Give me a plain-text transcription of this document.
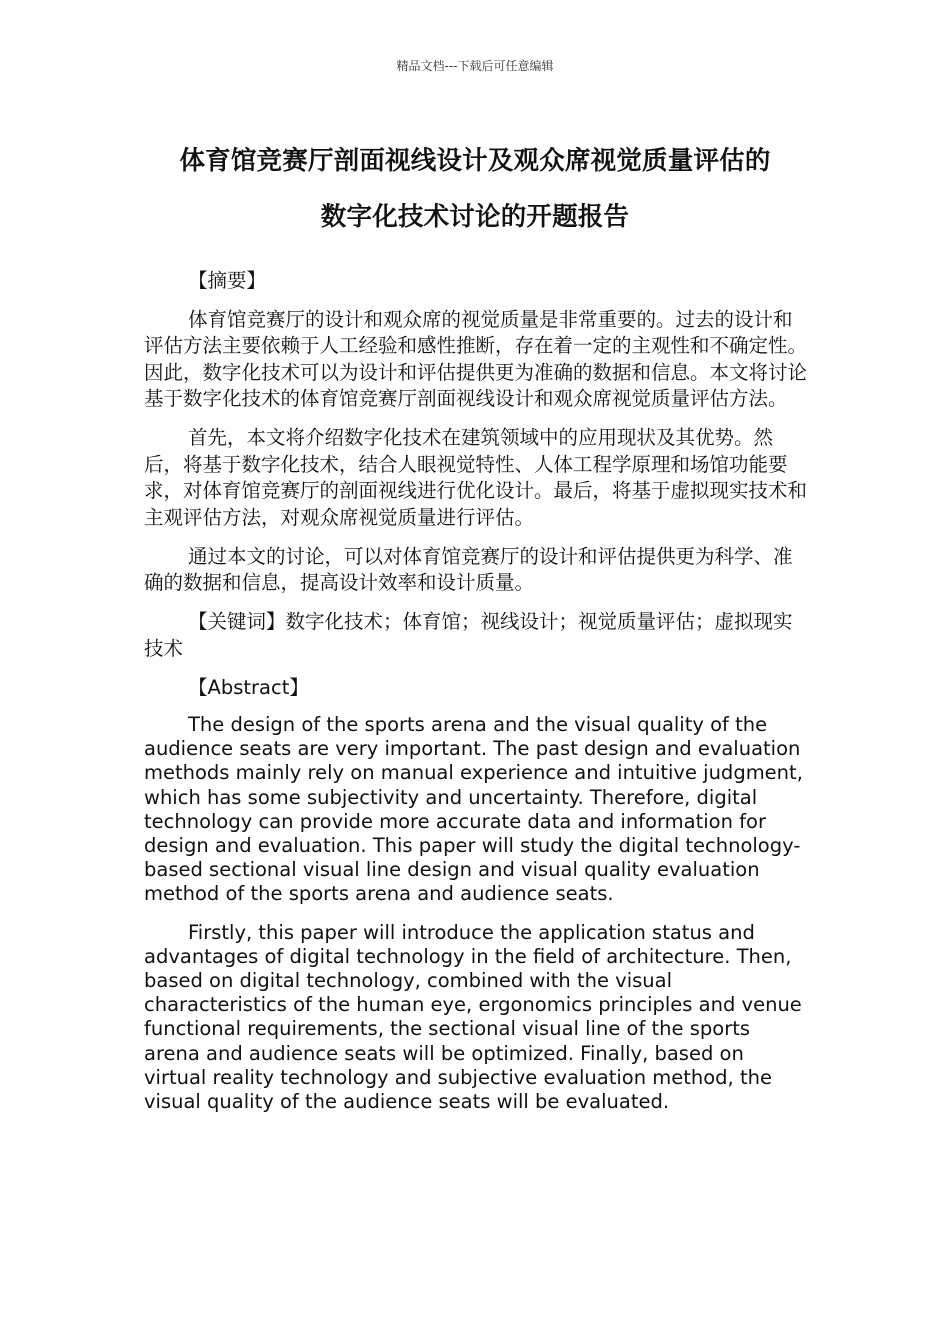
精品文档---下载后可任意编辑
体育馆竞赛厅剖面视线设计及观众席视觉质量评估的
数字化技术讨论的开题报告

【摘要】

体育馆竞赛厅的设计和观众席的视觉质量是非常重要的。过去的设计和评估方法主要依赖于人工经验和感性推断，存在着一定的主观性和不确定性。因此，数字化技术可以为设计和评估提供更为准确的数据和信息。本文将讨论基于数字化技术的体育馆竞赛厅剖面视线设计和观众席视觉质量评估方法。

首先，本文将介绍数字化技术在建筑领域中的应用现状及其优势。然后，将基于数字化技术，结合人眼视觉特性、人体工程学原理和场馆功能要求，对体育馆竞赛厅的剖面视线进行优化设计。最后，将基于虚拟现实技术和主观评估方法，对观众席视觉质量进行评估。

通过本文的讨论，可以对体育馆竞赛厅的设计和评估提供更为科学、准确的数据和信息，提高设计效率和设计质量。

【关键词】数字化技术；体育馆；视线设计；视觉质量评估；虚拟现实技术

【Abstract】

The design of the sports arena and the visual quality of the audience seats are very important. The past design and evaluation methods mainly rely on manual experience and intuitive judgment, which has some subjectivity and uncertainty. Therefore, digital technology can provide more accurate data and information for design and evaluation. This paper will study the digital technology-based sectional visual line design and visual quality evaluation method of the sports arena and audience seats.

Firstly, this paper will introduce the application status and advantages of digital technology in the field of architecture. Then, based on digital technology, combined with the visual characteristics of the human eye, ergonomics principles and venue functional requirements, the sectional visual line of the sports arena and audience seats will be optimized. Finally, based on virtual reality technology and subjective evaluation method, the visual quality of the audience seats will be evaluated.
